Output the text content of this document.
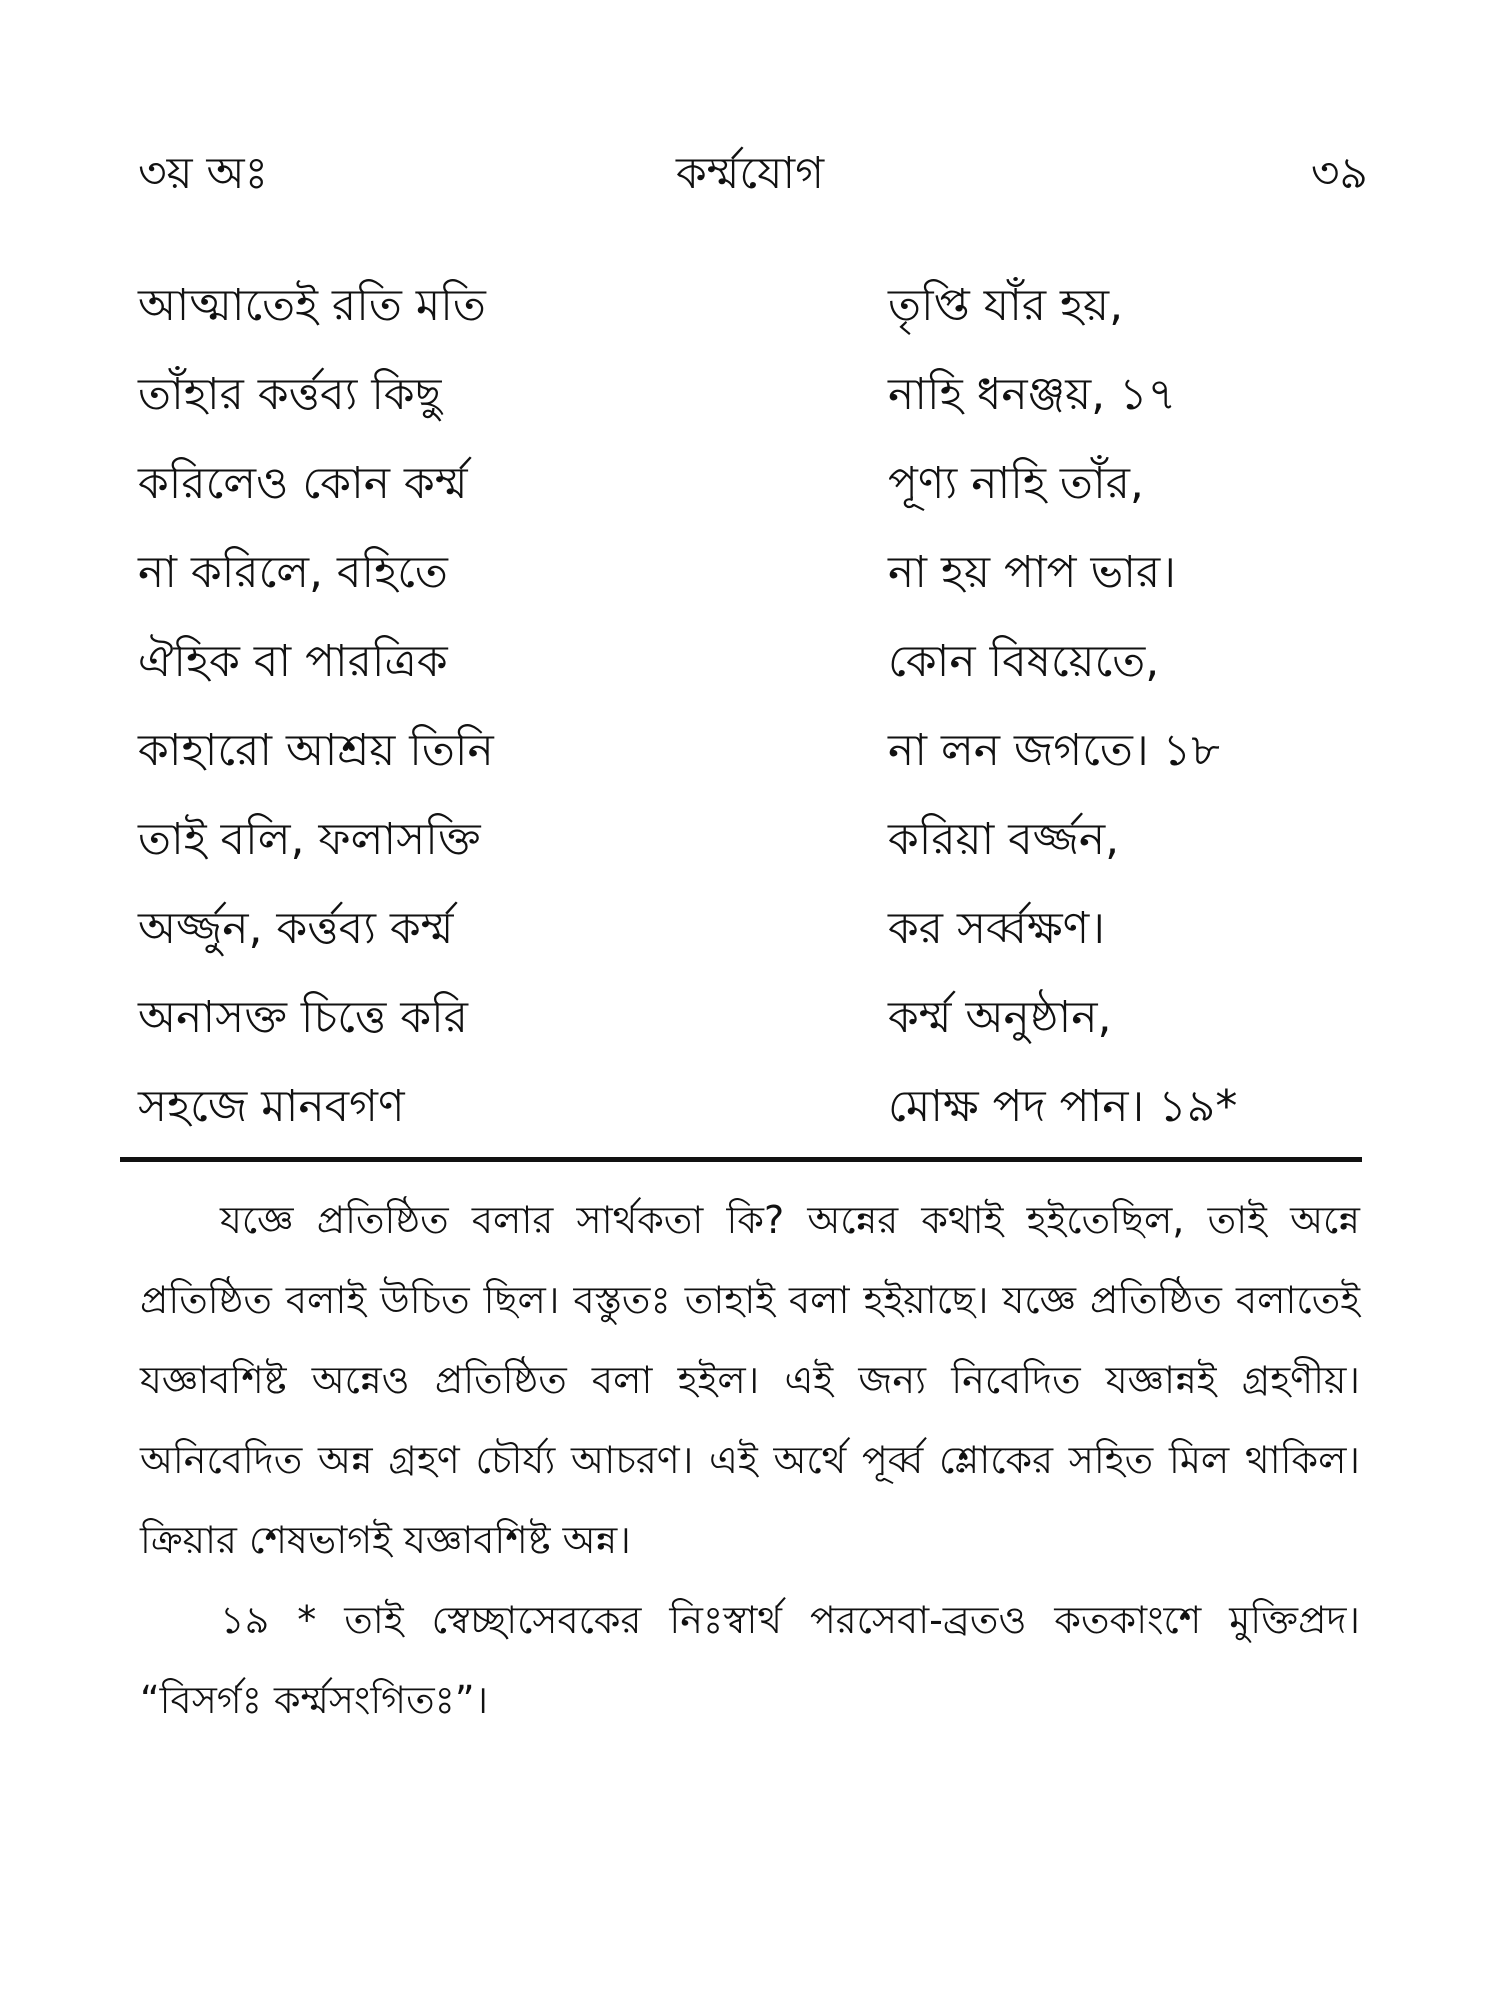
৩য় অঃ	কর্ম্মযোগ	৩৯
আত্মাতেই রতি মতি	তৃপ্তি যাঁর হয়,
তাঁহার কর্ত্তব্য কিছু	নাহি ধনঞ্জয়, ১৭
করিলেও কোন কর্ম্ম	পূণ্য নাহি তাঁর,
না করিলে, বহিতে	না হয় পাপ ভার।
ঐহিক বা পারত্রিক	কোন বিষয়েতে,
কাহারো আশ্রয় তিনি	না লন জগতে। ১৮
তাই বলি, ফলাসক্তি	করিয়া বর্জ্জন,
অর্জ্জুন, কর্ত্তব্য কর্ম্ম	কর সর্ব্বক্ষণ।
অনাসক্ত চিত্তে করি	কর্ম্ম অনুষ্ঠান,
সহজে মানবগণ	মোক্ষ পদ পান। ১৯*

যজ্ঞে প্রতিষ্ঠিত বলার সার্থকতা কি? অন্নের কথাই হইতেছিল, তাই অন্নে প্রতিষ্ঠিত বলাই উচিত ছিল। বস্তুতঃ তাহাই বলা হইয়াছে। যজ্ঞে প্রতিষ্ঠিত বলাতেই যজ্ঞাবশিষ্ট অন্নেও প্রতিষ্ঠিত বলা হইল। এই জন্য নিবেদিত যজ্ঞান্নই গ্রহণীয়। অনিবেদিত অন্ন গ্রহণ চৌর্য্য আচরণ। এই অর্থে পূর্ব্ব শ্লোকের সহিত মিল থাকিল। ক্রিয়ার শেষভাগই যজ্ঞাবশিষ্ট অন্ন।

১৯ * তাই স্বেচ্ছাসেবকের নিঃস্বার্থ পরসেবা-ব্রতও কতকাংশে মুক্তিপ্রদ। “বিসর্গঃ কর্ম্মসংগিতঃ”।
